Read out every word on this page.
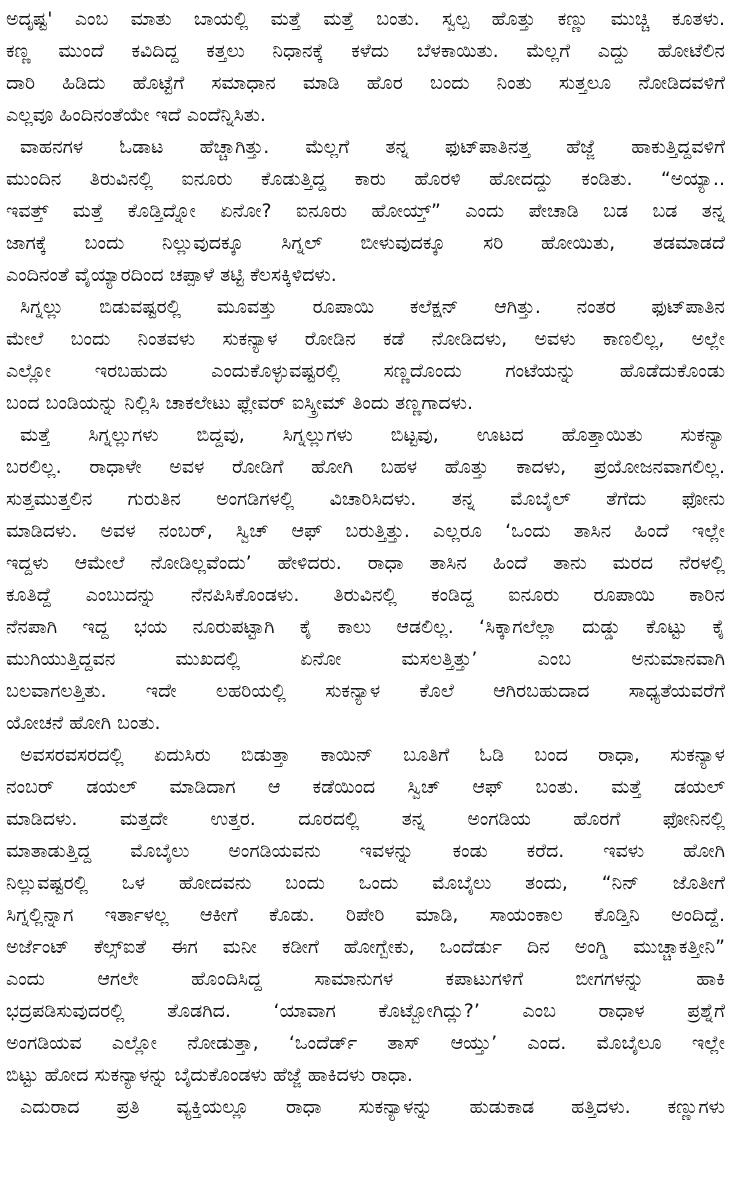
ಅದೃಷ್ಟ' ಎಂಬ ಮಾತು ಬಾಯಲ್ಲಿ ಮತ್ತೆ ಮತ್ತೆ ಬಂತು. ಸ್ವಲ್ಪ ಹೊತ್ತು ಕಣ್ಣು ಮುಚ್ಚಿ ಕೂತಳು.
ಕಣ್ಣ ಮುಂದೆ ಕವಿದಿದ್ದ ಕತ್ತಲು ನಿಧಾನಕ್ಕೆ ಕಳೆದು ಬೆಳಕಾಯಿತು. ಮೆಲ್ಲಗೆ ಎದ್ದು ಹೋಟೆಲಿನ
ದಾರಿ ಹಿಡಿದು ಹೊಟ್ಟೆಗೆ ಸಮಾಧಾನ ಮಾಡಿ ಹೊರ ಬಂದು ನಿಂತು ಸುತ್ತಲೂ ನೋಡಿದವಳಿಗೆ
ಎಲ್ಲವೂ ಹಿಂದಿನಂತೆಯೇ ಇದೆ ಎಂದೆನ್ನಿಸಿತು.
ವಾಹನಗಳ ಓಡಾಟ ಹೆಚ್ಚಾಗಿತ್ತು. ಮೆಲ್ಲಗೆ ತನ್ನ ಫುಟ್‌ಪಾತಿನತ್ತ ಹೆಜ್ಜೆ ಹಾಕುತ್ತಿದ್ದವಳಿಗೆ
ಮುಂದಿನ ತಿರುವಿನಲ್ಲಿ ಐನೂರು ಕೊಡುತ್ತಿದ್ದ ಕಾರು ಹೊರಳಿ ಹೋದದ್ದು ಕಂಡಿತು. “ಅಯ್ಯಾ..
ಇವತ್ತ್ ಮತ್ತೆ ಕೊಡ್ತಿದ್ನೋ ಏನೋ? ಐನೂರು ಹೋಯ್ತ್” ಎಂದು ಪೇಚಾಡಿ ಬಡ ಬಡ ತನ್ನ
ಜಾಗಕ್ಕೆ ಬಂದು ನಿಲ್ಲುವುದಕ್ಕೂ ಸಿಗ್ನಲ್ ಬೀಳುವುದಕ್ಕೂ ಸರಿ ಹೋಯಿತು, ತಡಮಾಡದೆ
ಎಂದಿನಂತೆ ವೈಯ್ಯಾರದಿಂದ ಚಪ್ಪಾಳೆ ತಟ್ಟಿ ಕೆಲಸಕ್ಕಿಳಿದಳು.
ಸಿಗ್ನಲ್ಲು ಬಿಡುವಷ್ಟರಲ್ಲಿ ಮೂವತ್ತು ರೂಪಾಯಿ ಕಲೆಕ್ಷನ್ ಆಗಿತ್ತು. ನಂತರ ಫುಟ್‌ಪಾತಿನ
ಮೇಲೆ ಬಂದು ನಿಂತವಳು ಸುಕನ್ಯಾಳ ರೋಡಿನ ಕಡೆ ನೋಡಿದಳು, ಅವಳು ಕಾಣಲಿಲ್ಲ, ಅಲ್ಲೇ
ಎಲ್ಲೋ ಇರಬಹುದು ಎಂದುಕೊಳ್ಳುವಷ್ಟರಲ್ಲಿ ಸಣ್ಣದೊಂದು ಗಂಟೆಯನ್ನು ಹೊಡೆದುಕೊಂಡು
ಬಂದ ಬಂಡಿಯನ್ನು ನಿಲ್ಲಿಸಿ ಚಾಕಲೇಟು ಫ್ಲೇವರ್ ಐಸ್ಕ್ರೀಮ್ ತಿಂದು ತಣ್ಣಗಾದಳು.
ಮತ್ತೆ ಸಿಗ್ನಲ್ಲುಗಳು ಬಿದ್ದವು, ಸಿಗ್ನಲ್ಲುಗಳು ಬಿಟ್ಟವು, ಊಟದ ಹೊತ್ತಾಯಿತು ಸುಕನ್ಯಾ
ಬರಲಿಲ್ಲ. ರಾಧಾಳೇ ಅವಳ ರೋಡಿಗೆ ಹೋಗಿ ಬಹಳ ಹೊತ್ತು ಕಾದಳು, ಪ್ರಯೋಜನವಾಗಲಿಲ್ಲ.
ಸುತ್ತಮುತ್ತಲಿನ ಗುರುತಿನ ಅಂಗಡಿಗಳಲ್ಲಿ ವಿಚಾರಿಸಿದಳು. ತನ್ನ ಮೊಬೈಲ್ ತೆಗೆದು ಫೋನು
ಮಾಡಿದಳು. ಅವಳ ನಂಬರ್, ಸ್ವಿಚ್ ಆಫ್ ಬರುತ್ತಿತ್ತು. ಎಲ್ಲರೂ ‘ಒಂದು ತಾಸಿನ ಹಿಂದೆ ಇಲ್ಲೇ
ಇದ್ದಳು ಆಮೇಲೆ ನೋಡಿಲ್ಲವೆಂದು’ ಹೇಳಿದರು. ರಾಧಾ ತಾಸಿನ ಹಿಂದೆ ತಾನು ಮರದ ನೆರಳಲ್ಲಿ
ಕೂತಿದ್ದೆ ಎಂಬುದನ್ನು ನೆನಪಿಸಿಕೊಂಡಳು. ತಿರುವಿನಲ್ಲಿ ಕಂಡಿದ್ದ ಐನೂರು ರೂಪಾಯಿ ಕಾರಿನ
ನೆನಪಾಗಿ ಇದ್ದ ಭಯ ನೂರುಪಟ್ಟಾಗಿ ಕೈ ಕಾಲು ಆಡಲಿಲ್ಲ. ‘ಸಿಕ್ಕಾಗಲೆಲ್ಲಾ ದುಡ್ಡು ಕೊಟ್ಟು ಕೈ
ಮುಗಿಯುತ್ತಿದ್ದವನ ಮುಖದಲ್ಲಿ ಏನೋ ಮಸಲತ್ತಿತ್ತು’ ಎಂಬ ಅನುಮಾನವಾಗಿ
ಬಲವಾಗಲತ್ತಿತು. ಇದೇ ಲಹರಿಯಲ್ಲಿ ಸುಕನ್ಯಾಳ ಕೊಲೆ ಆಗಿರಬಹುದಾದ ಸಾಧ್ಯತೆಯವರೆಗೆ
ಯೋಚನೆ ಹೋಗಿ ಬಂತು.
ಅವಸರವಸರದಲ್ಲಿ ಏದುಸಿರು ಬಿಡುತ್ತಾ ಕಾಯಿನ್ ಬೂತಿಗೆ ಓಡಿ ಬಂದ ರಾಧಾ, ಸುಕನ್ಯಾಳ
ನಂಬರ್ ಡಯಲ್ ಮಾಡಿದಾಗ ಆ ಕಡೆಯಿಂದ ಸ್ವಿಚ್ ಆಫ್ ಬಂತು. ಮತ್ತೆ ಡಯಲ್
ಮಾಡಿದಳು. ಮತ್ತದೇ ಉತ್ತರ. ದೂರದಲ್ಲಿ ತನ್ನ ಅಂಗಡಿಯ ಹೊರಗೆ ಫೋನಿನಲ್ಲಿ
ಮಾತಾಡುತ್ತಿದ್ದ ಮೊಬೈಲು ಅಂಗಡಿಯವನು ಇವಳನ್ನು ಕಂಡು ಕರೆದ. ಇವಳು ಹೋಗಿ
ನಿಲ್ಲುವಷ್ಟರಲ್ಲಿ ಒಳ ಹೋದವನು ಬಂದು ಒಂದು ಮೊಬೈಲು ತಂದು, “ನಿನ್ ಜೊತೀಗೆ
ಸಿಗ್ನಲ್ಲಿನ್ನಾಗ ಇರ್ತಾಳಲ್ಲ ಆಕೀಗೆ ಕೊಡು. ರಿಪೇರಿ ಮಾಡಿ, ಸಾಯಂಕಾಲ ಕೊಡ್ತಿನಿ ಅಂದಿದ್ದೆ.
ಅರ್ಜೆಂಟ್ ಕೆಲ್ಸ್‌ಐತೆ ಈಗ ಮನೀ ಕಡೀಗೆ ಹೋಗ್ಬೇಕು, ಒಂದೆರ್ಡು ದಿನ ಅಂಗ್ಡಿ ಮುಚ್ಚಾಕತ್ತೀನಿ”
ಎಂದು ಆಗಲೇ ಹೊಂದಿಸಿದ್ದ ಸಾಮಾನುಗಳ ಕಪಾಟುಗಳಿಗೆ ಬೀಗಗಳನ್ನು ಹಾಕಿ
ಭದ್ರಪಡಿಸುವುದರಲ್ಲಿ ತೊಡಗಿದ. ‘ಯಾವಾಗ ಕೊಟ್ಬೋಗಿದ್ಲು?’ ಎಂಬ ರಾಧಾಳ ಪ್ರಶ್ನೆಗೆ
ಅಂಗಡಿಯವ ಎಲ್ಲೋ ನೋಡುತ್ತಾ, ‘ಒಂದೆರ್ಡ್ ತಾಸ್ ಆಯ್ತು’ ಎಂದ. ಮೊಬೈಲೂ ಇಲ್ಲೇ
ಬಿಟ್ಟು ಹೋದ ಸುಕನ್ಯಾಳನ್ನು ಬೈದುಕೊಂಡಳು ಹೆಜ್ಜೆ ಹಾಕಿದಳು ರಾಧಾ.
ಎದುರಾದ ಪ್ರತಿ ವ್ಯಕ್ತಿಯಲ್ಲೂ ರಾಧಾ ಸುಕನ್ಯಾಳನ್ನು ಹುಡುಕಾಡ ಹತ್ತಿದಳು. ಕಣ್ಣುಗಳು
